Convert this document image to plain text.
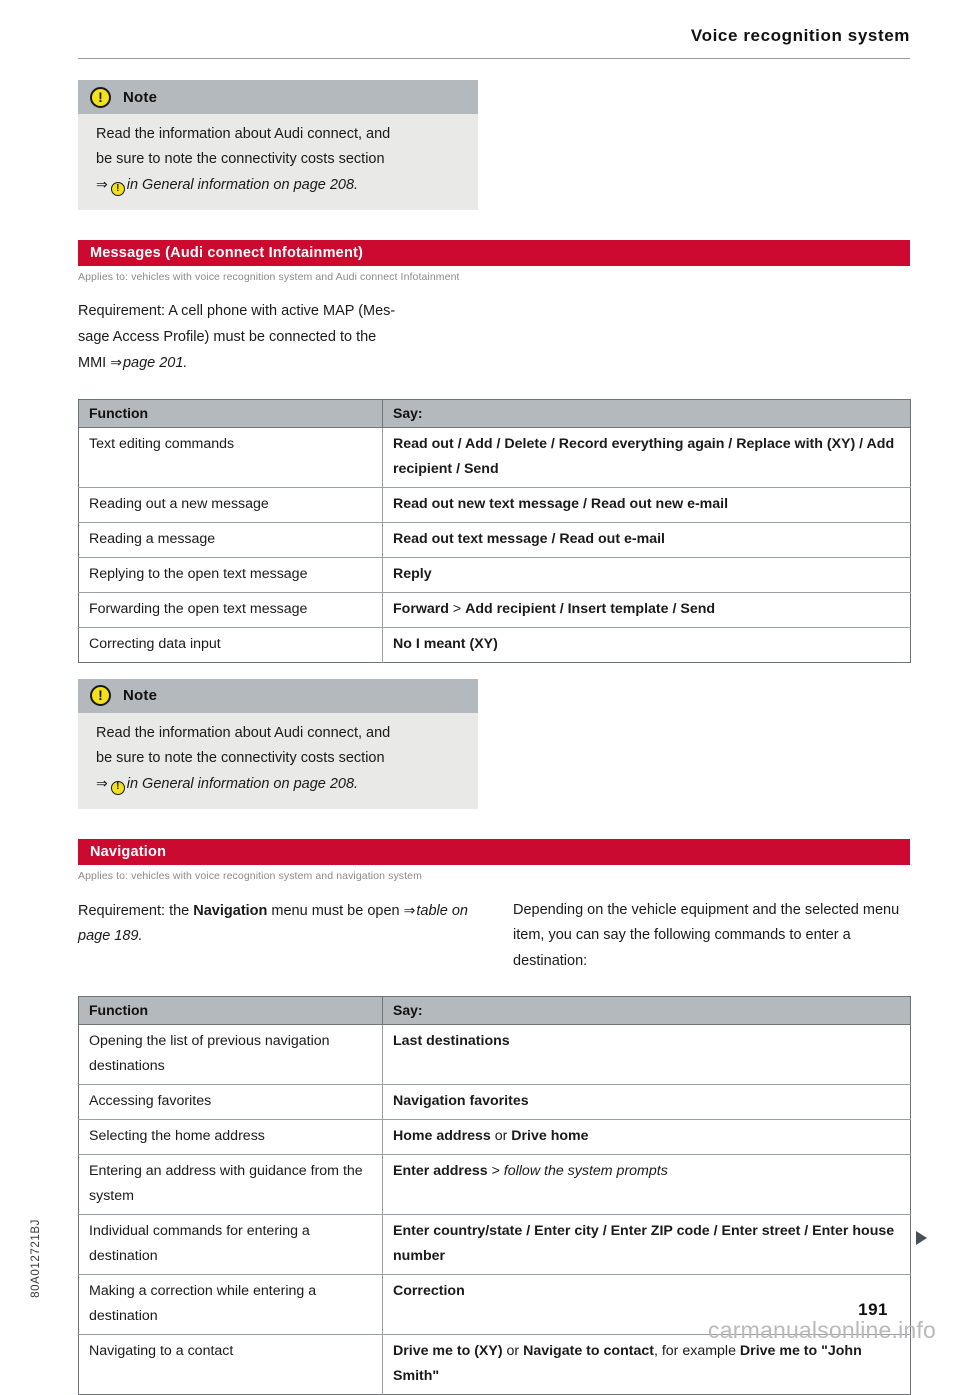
Voice recognition system
!
Note
Read the information about Audi connect, and
be sure to note the connectivity costs section
⇒ ! in General information on page 208.
Messages (Audi connect Infotainment)
Applies to: vehicles with voice recognition system and Audi connect Infotainment
Requirement: A cell phone with active MAP (Mes-
sage Access Profile) must be connected to the
MMI ⇒page 201.
Function	Say:
Text editing commands	Read out / Add / Delete / Record everything again / Replace with (XY) / Add recipient / Send
Reading out a new message	Read out new text message / Read out new e-mail
Reading a message	Read out text message / Read out e-mail
Replying to the open text message	Reply
Forwarding the open text message	Forward > Add recipient / Insert template / Send
Correcting data input	No I meant (XY)
!
Note
Read the information about Audi connect, and
be sure to note the connectivity costs section
⇒ ! in General information on page 208.
Navigation
Applies to: vehicles with voice recognition system and navigation system
Requirement: the Navigation menu must be open ⇒table on page 189.
Depending on the vehicle equipment and the selected menu item, you can say the following commands to enter a destination:
Function	Say:
Opening the list of previous navigation destinations	Last destinations
Accessing favorites	Navigation favorites
Selecting the home address	Home address or Drive home
Entering an address with guidance from the system	Enter address > follow the system prompts
Individual commands for entering a destination	Enter country/state / Enter city / Enter ZIP code / Enter street / Enter house number
Making a correction while entering a destination	Correction
Navigating to a contact	Drive me to (XY) or Navigate to contact, for example Drive me to "John Smith"
80A012721BJ
191
carmanualsonline.info
